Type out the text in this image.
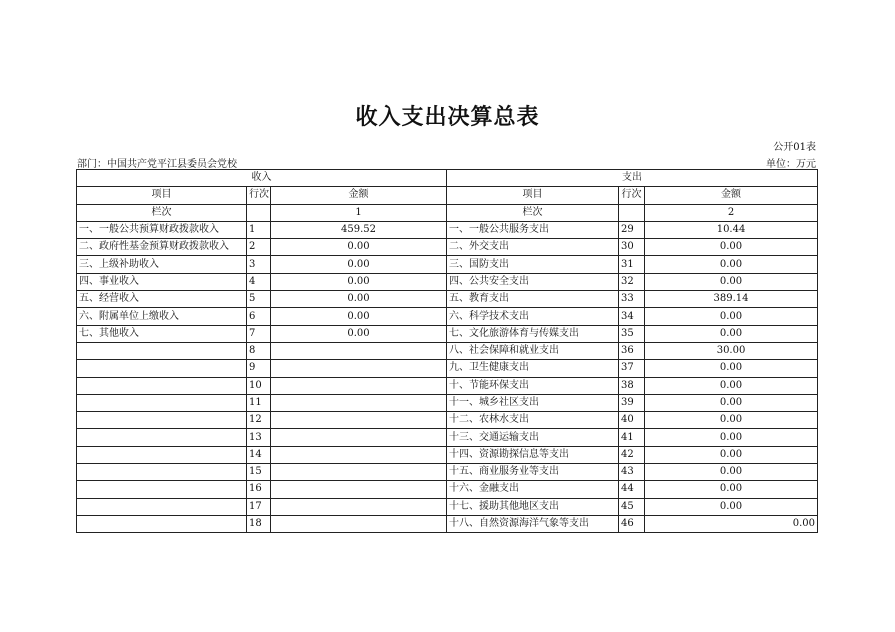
收入支出决算总表
公开01表
部门：中国共产党平江县委员会党校	单位：万元
收入			支出		
项目	行次	金额	项目	行次	金额
栏次		1	栏次		2
一、一般公共预算财政拨款收入	1	459.52	一、一般公共服务支出	29	10.44
二、政府性基金预算财政拨款收入	2	0.00	二、外交支出	30	0.00
三、上级补助收入	3	0.00	三、国防支出	31	0.00
四、事业收入	4	0.00	四、公共安全支出	32	0.00
五、经营收入	5	0.00	五、教育支出	33	389.14
六、附属单位上缴收入	6	0.00	六、科学技术支出	34	0.00
七、其他收入	7	0.00	七、文化旅游体育与传媒支出	35	0.00
	8		八、社会保障和就业支出	36	30.00
	9		九、卫生健康支出	37	0.00
	10		十、节能环保支出	38	0.00
	11		十一、城乡社区支出	39	0.00
	12		十二、农林水支出	40	0.00
	13		十三、交通运输支出	41	0.00
	14		十四、资源勘探信息等支出	42	0.00
	15		十五、商业服务业等支出	43	0.00
	16		十六、金融支出	44	0.00
	17		十七、援助其他地区支出	45	0.00
	18		十八、自然资源海洋气象等支出	46	0.00
